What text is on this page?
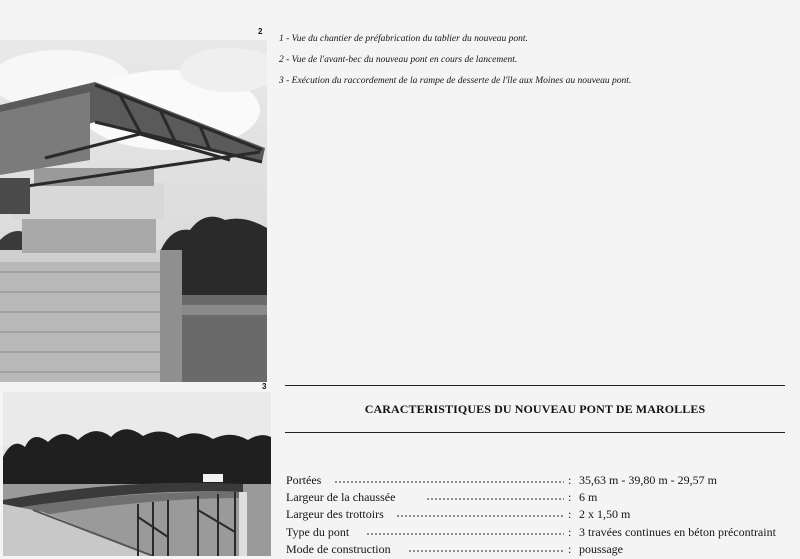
2
3
1 - Vue du chantier de préfabrication du tablier du nouveau pont.
2 - Vue de l'avant-bec du nouveau pont en cours de lancement.
3 - Exécution du raccordement de la rampe de desserte de l'île aux Moines au nouveau pont.
CARACTERISTIQUES DU NOUVEAU PONT DE MAROLLES
Portées	: 35,63 m - 39,80 m - 29,57 m
Largeur de la chaussée	: 6 m
Largeur des trottoirs	: 2 x 1,50 m
Type du pont	: 3 travées continues en béton précontraint
Mode de construction	: poussage
